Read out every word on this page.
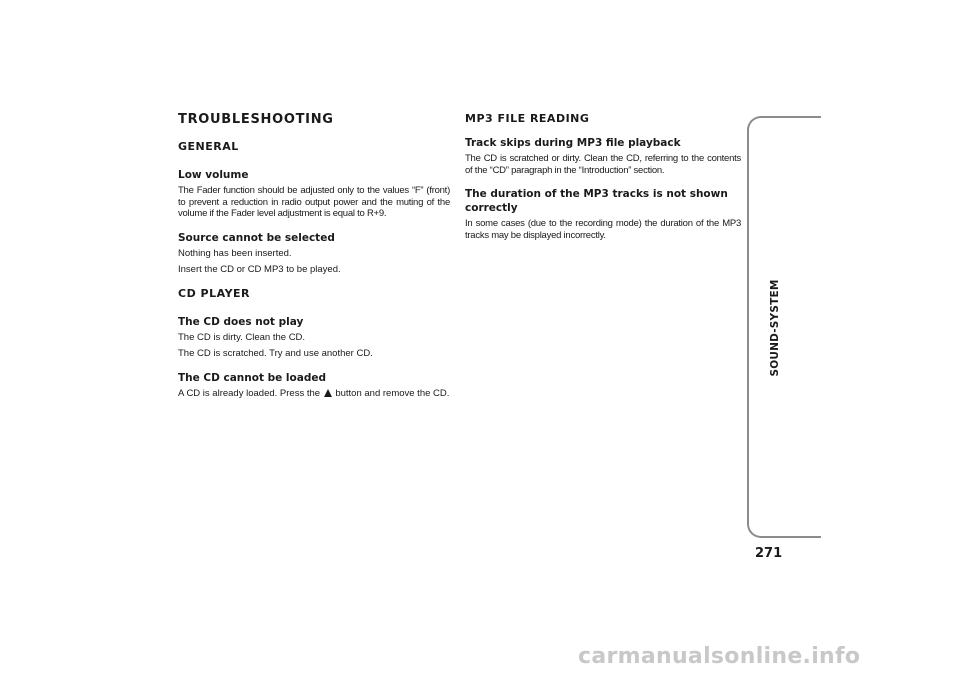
TROUBLESHOOTING
GENERAL
Low volume
The Fader function should be adjusted only to the values “F” (front) to prevent a reduction in radio output power and the muting of the volume if the Fader level adjustment is equal to R+9.
Source cannot be selected
Nothing has been inserted.
Insert the CD or CD MP3 to be played.
CD PLAYER
The CD does not play
The CD is dirty. Clean the CD.
The CD is scratched. Try and use another CD.
The CD cannot be loaded
A CD is already loaded. Press the button and remove the CD.
MP3 FILE READING
Track skips during MP3 file playback
The CD is scratched or dirty. Clean the CD, referring to the contents of the “CD” paragraph in the “Introduction” section.
The duration of the MP3 tracks is not shown correctly
In some cases (due to the recording mode) the duration of the MP3 tracks may be displayed incorrectly.
SOUND-SYSTEM
271
carmanualsonline.info
